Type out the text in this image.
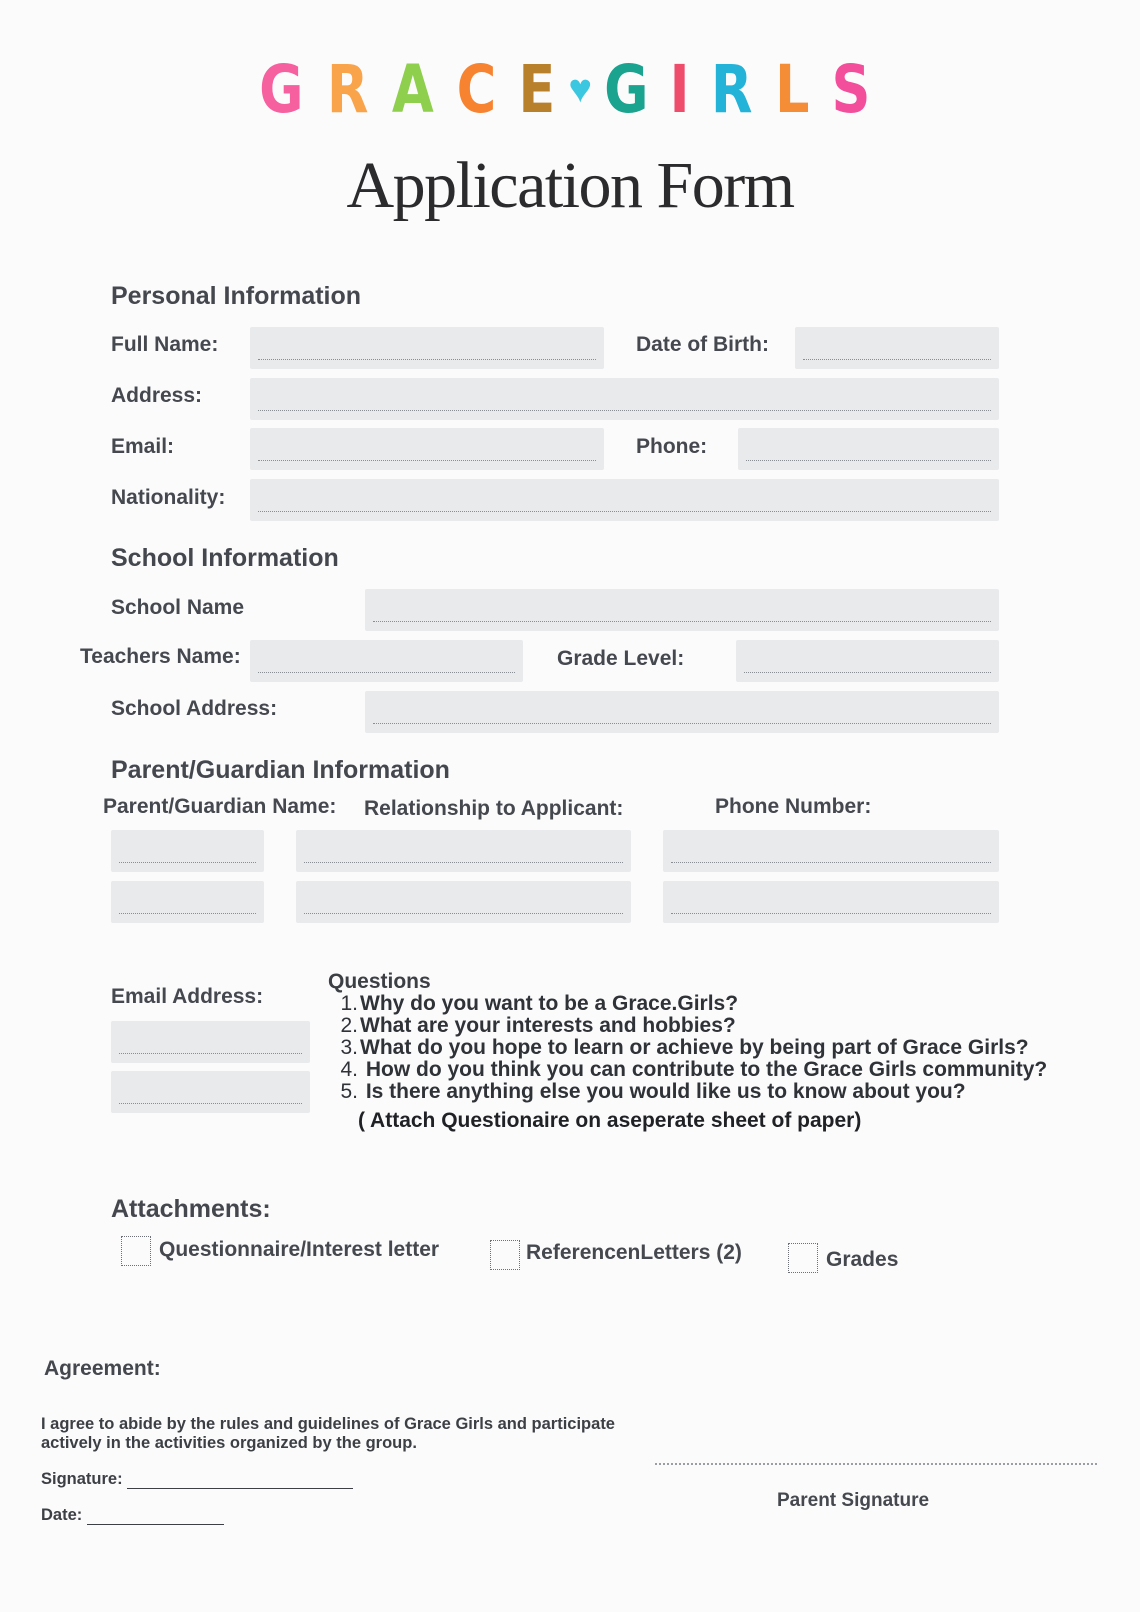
G R A C E♥ G I R L S
Application Form
Personal Information
Full Name:	Date of Birth:
Address:
Email:	Phone:
Nationality:
School Information
School Name
Teachers Name:	Grade Level:
School Address:
Parent/Guardian Information
Parent/Guardian Name: Relationship to Applicant:	Phone Number:
Email Address:
Questions
1.Why do you want to be a Grace.Girls?
2.What are your interests and hobbies?
3.What do you hope to learn or achieve by being part of Grace Girls?
4. How do you think you can contribute to the Grace Girls community?
5. Is there anything else you would like us to know about you?
( Attach Questionaire on aseperate sheet of paper)
Attachments:
Questionnaire/Interest letter	ReferencenLetters (2)	Grades
Agreement:
I agree to abide by the rules and guidelines of Grace Girls and participate
actively in the activities organized by the group.
Signature:
Date:
Parent Signature
